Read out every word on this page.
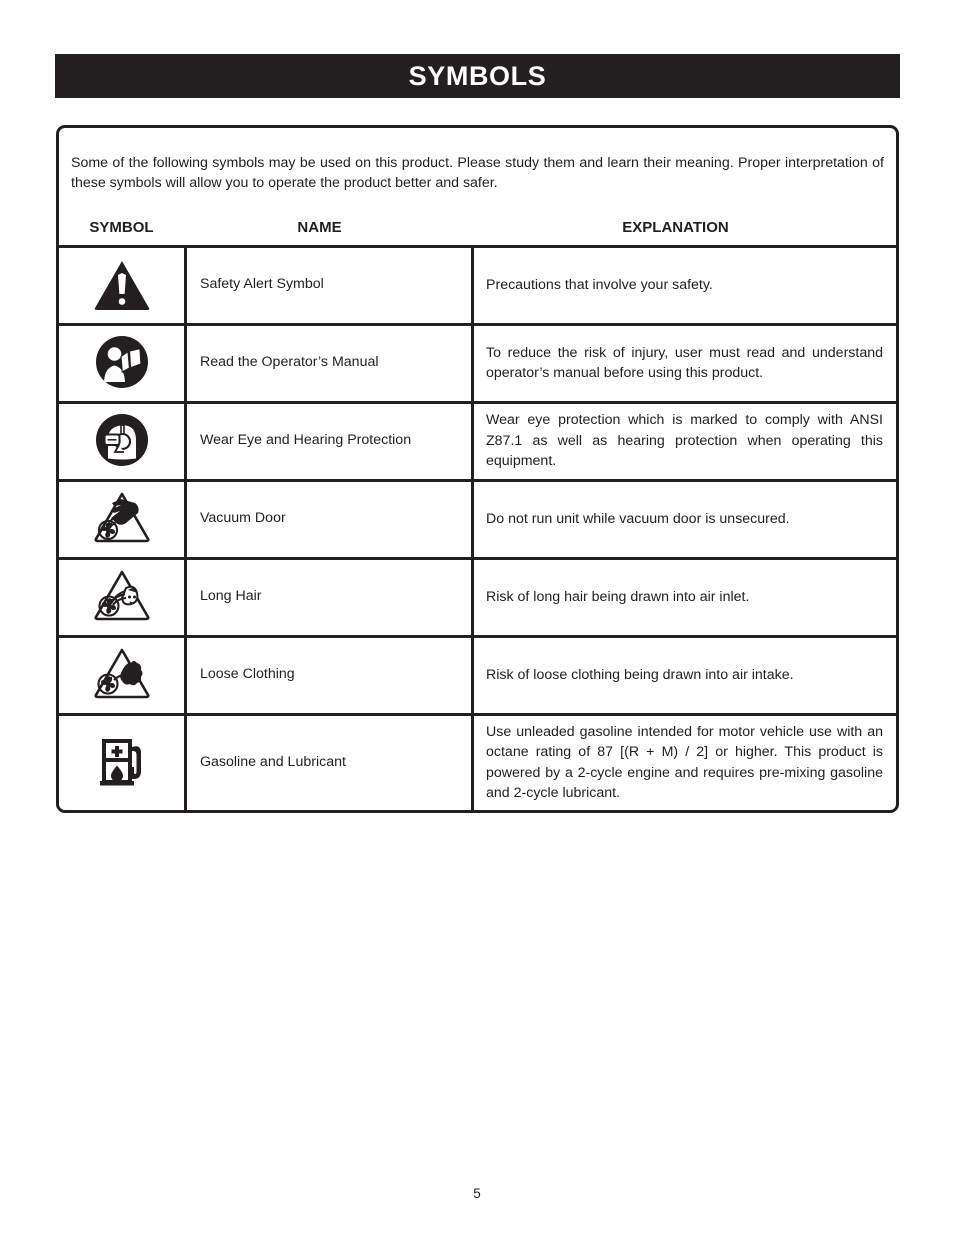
SYMBOLS

Some of the following symbols may be used on this product. Please study them and learn their meaning. Proper interpretation of these symbols will allow you to operate the product better and safer.

SYMBOL	NAME	EXPLANATION
	Safety Alert Symbol	Precautions that involve your safety.

	Read the Operator’s Manual	To reduce the risk of injury, user must read and understand operator’s manual before using this product.

	Wear Eye and Hearing Protection	Wear eye protection which is marked to comply with ANSI Z87.1 as well as hearing protection when operating this equipment.

	Vacuum Door	Do not run unit while vacuum door is unsecured.

	Long Hair	Risk of long hair being drawn into air inlet.

	Loose Clothing	Risk of loose clothing being drawn into air intake.

	Gasoline and Lubricant	Use unleaded gasoline intended for motor vehicle use with an octane rating of 87 [(R + M) / 2] or higher. This product is powered by a 2-cycle engine and requires pre-mixing gasoline and 2-cycle lubricant.
5
